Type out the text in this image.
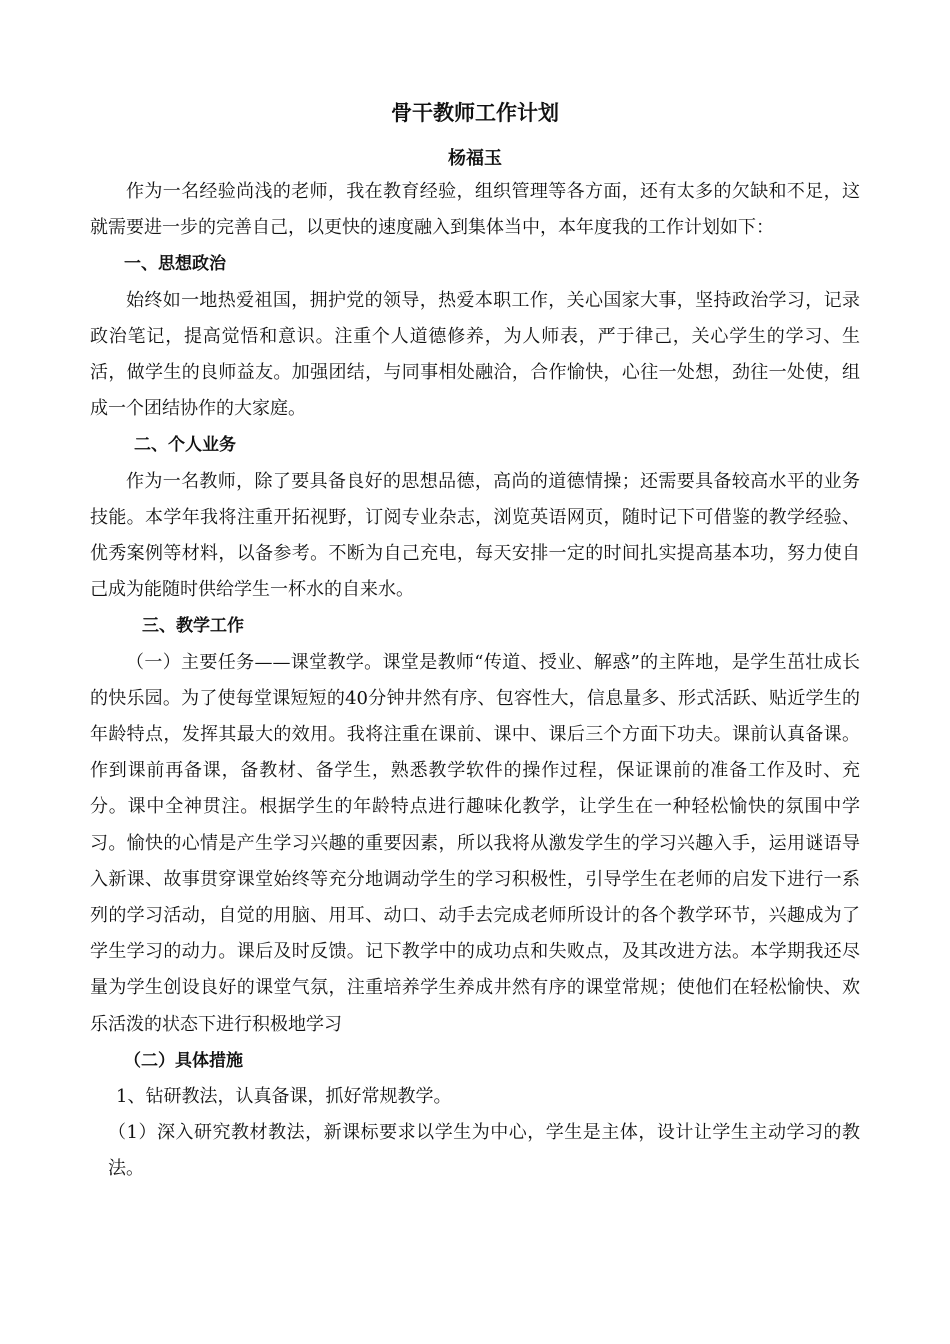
骨干教师工作计划
杨福玉

作为一名经验尚浅的老师，我在教育经验，组织管理等各方面，还有太多的欠缺和不足，这就需要进一步的完善自己，以更快的速度融入到集体当中，本年度我的工作计划如下：

一、思想政治

始终如一地热爱祖国，拥护党的领导，热爱本职工作，关心国家大事，坚持政治学习，记录政治笔记，提高觉悟和意识。注重个人道德修养，为人师表，严于律己，关心学生的学习、生活，做学生的良师益友。加强团结，与同事相处融洽，合作愉快，心往一处想，劲往一处使，组成一个团结协作的大家庭。

二、个人业务

作为一名教师，除了要具备良好的思想品德，高尚的道德情操；还需要具备较高水平的业务技能。本学年我将注重开拓视野，订阅专业杂志，浏览英语网页，随时记下可借鉴的教学经验、优秀案例等材料，以备参考。不断为自己充电，每天安排一定的时间扎实提高基本功，努力使自己成为能随时供给学生一杯水的自来水。

三、教学工作

（一）主要任务——课堂教学。课堂是教师“传道、授业、解惑”的主阵地，是学生茁壮成长的快乐园。为了使每堂课短短的40分钟井然有序、包容性大，信息量多、形式活跃、贴近学生的年龄特点，发挥其最大的效用。我将注重在课前、课中、课后三个方面下功夫。课前认真备课。作到课前再备课，备教材、备学生，熟悉教学软件的操作过程，保证课前的准备工作及时、充分。课中全神贯注。根据学生的年龄特点进行趣味化教学，让学生在一种轻松愉快的氛围中学习。愉快的心情是产生学习兴趣的重要因素，所以我将从激发学生的学习兴趣入手，运用谜语导入新课、故事贯穿课堂始终等充分地调动学生的学习积极性，引导学生在老师的启发下进行一系列的学习活动，自觉的用脑、用耳、动口、动手去完成老师所设计的各个教学环节，兴趣成为了学生学习的动力。课后及时反馈。记下教学中的成功点和失败点，及其改进方法。本学期我还尽量为学生创设良好的课堂气氛，注重培养学生养成井然有序的课堂常规；使他们在轻松愉快、欢乐活泼的状态下进行积极地学习

（二）具体措施

1、钻研教法，认真备课，抓好常规教学。

（1）深入研究教材教法，新课标要求以学生为中心，学生是主体，设计让学生主动学习的教法。
